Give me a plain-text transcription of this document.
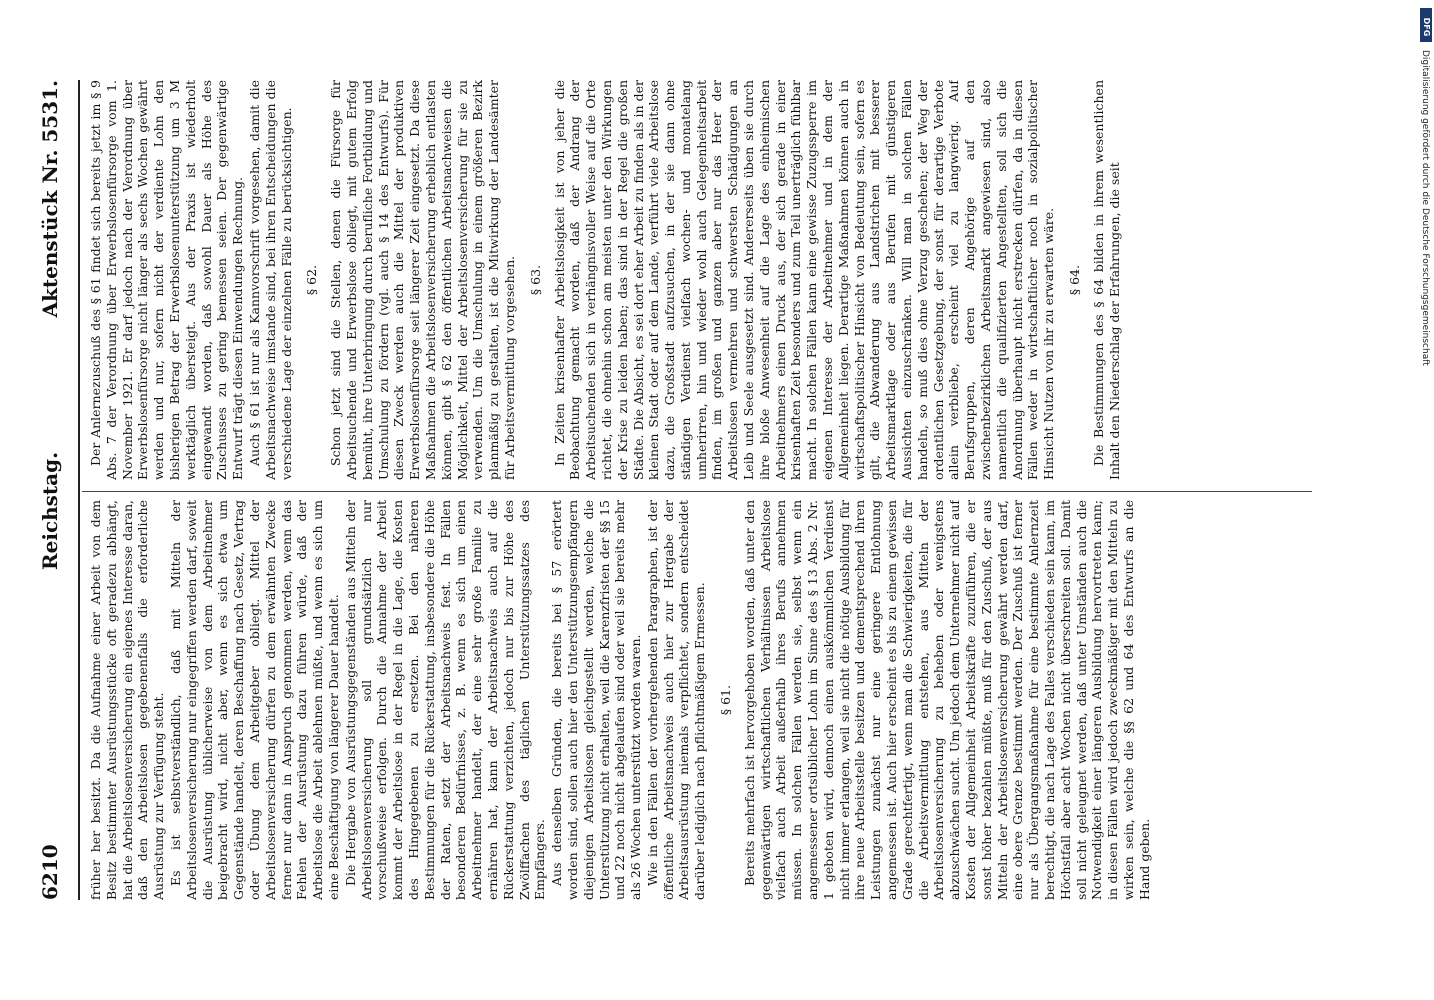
6210
Reichstag.
Aktenstück Nr. 5531.

früher her besitzt. Da die Aufnahme einer Arbeit von dem Besitz bestimmter Ausrüstungsstücke oft geradezu abhängt, hat die Arbeitslosenversicherung ein eigenes Interesse daran, daß den Arbeitslosen gegebenenfalls die erforderliche Ausrüstung zur Verfügung steht. Es ist selbstverständlich, daß mit Mitteln der Arbeitslosenversicherung nur eingegriffen werden darf, soweit die Ausrüstung üblicherweise von dem Arbeitnehmer beigebracht wird, nicht aber, wenn es sich etwa um Gegenstände handelt, deren Beschaffung nach Gesetz, Vertrag oder Übung dem Arbeitgeber obliegt. Mittel der Arbeitslosenversicherung dürfen zu dem erwähnten Zwecke ferner nur dann in Anspruch genommen werden, wenn das Fehlen der Ausrüstung dazu führen würde, daß der Arbeitslose die Arbeit ablehnen müßte, und wenn es sich um eine Beschäftigung von längerer Dauer handelt. Die Hergabe von Ausrüstungsgegenständen aus Mitteln der Arbeitslosenversicherung soll grundsätzlich nur vorschußweise erfolgen. Durch die Annahme der Arbeit kommt der Arbeitslose in der Regel in die Lage, die Kosten des Hingegebenen zu ersetzen. Bei den näheren Bestimmungen für die Rückerstattung, insbesondere die Höhe der Raten, setzt der Arbeitsnachweis fest. In Fällen besonderen Bedürfnisses, z. B. wenn es sich um einen Arbeitnehmer handelt, der eine sehr große Familie zu ernähren hat, kann der Arbeitsnachweis auch auf die Rückerstattung verzichten, jedoch nur bis zur Höhe des Zwölffachen des täglichen Unterstützungssatzes des Empfängers. Aus denselben Gründen, die bereits bei § 57 erörtert worden sind, sollen auch hier den Unterstützungsempfängern diejenigen Arbeitslosen gleichgestellt werden, welche die Unterstützung nicht erhalten, weil die Karenzfristen der §§ 15 und 22 noch nicht abgelaufen sind oder weil sie bereits mehr als 26 Wochen unterstützt worden waren. Wie in den Fällen der vorhergehenden Paragraphen, ist der öffentliche Arbeitsnachweis auch hier zur Hergabe der Arbeitsausrüstung niemals verpflichtet, sondern entscheidet darüber lediglich nach pflichtmäßigem Ermessen. § 61. Bereits mehrfach ist hervorgehoben worden, daß unter den gegenwärtigen wirtschaftlichen Verhältnissen Arbeitslose vielfach auch Arbeit außerhalb ihres Berufs annehmen müssen. In solchen Fällen werden sie, selbst wenn ein angemessener ortsüblicher Lohn im Sinne des § 13 Abs. 2 Nr. 1 geboten wird, dennoch einen auskömmlichen Verdienst nicht immer erlangen, weil sie nicht die nötige Ausbildung für ihre neue Arbeitsstelle besitzen und dementsprechend ihren Leistungen zunächst nur eine geringere Entlohnung angemessen ist. Auch hier erscheint es bis zu einem gewissen Grade gerechtfertigt, wenn man die Schwierigkeiten, die für die Arbeitsvermittlung entstehen, aus Mitteln der Arbeitslosenversicherung zu beheben oder wenigstens abzuschwächen sucht. Um jedoch dem Unternehmer nicht auf Kosten der Allgemeinheit Arbeitskräfte zuzuführen, die er sonst höher bezahlen müßte, muß für den Zuschuß, der aus Mitteln der Arbeitslosenversicherung gewährt werden darf, eine obere Grenze bestimmt werden. Der Zuschuß ist ferner nur als Übergangsmaßnahme für eine bestimmte Anlernzeit berechtigt, die nach Lage des Falles verschieden sein kann, im Höchstfall aber acht Wochen nicht überschreiten soll. Damit soll nicht geleugnet werden, daß unter Umständen auch die Notwendigkeit einer längeren Ausbildung hervortreten kann; in diesen Fällen wird jedoch zweckmäßiger mit den Mitteln zu wirken sein, welche die §§ 62 und 64 des Entwurfs an die Hand geben.

Der Anlernezuschuß des § 61 findet sich bereits jetzt im § 9 Abs. 7 der Verordnung über Erwerbslosenfürsorge vom 1. November 1921. Er darf jedoch nach der Verordnung über Erwerbslosenfürsorge nicht länger als sechs Wochen gewährt werden und nur, sofern nicht der verdiente Lohn den bisherigen Betrag der Erwerbslosenunterstützung um 3 M werktäglich übersteigt. Aus der Praxis ist wiederholt eingewandt worden, daß sowohl Dauer als Höhe des Zuschusses zu gering bemessen seien. Der gegenwärtige Entwurf trägt diesen Einwendungen Rechnung. Auch § 61 ist nur als Kannvorschrift vorgesehen, damit die Arbeitsnachweise imstande sind, bei ihren Entscheidungen die verschiedene Lage der einzelnen Fälle zu berücksichtigen. § 62. Schon jetzt sind die Stellen, denen die Fürsorge für Arbeitsuchende und Erwerbslose obliegt, mit gutem Erfolg bemüht, ihre Unterbringung durch berufliche Fortbildung und Umschulung zu fördern (vgl. auch § 14 des Entwurfs). Für diesen Zweck werden auch die Mittel der produktiven Erwerbslosenfürsorge seit längerer Zeit eingesetzt. Da diese Maßnahmen die Arbeitslosenversicherung erheblich entlasten können, gibt § 62 den öffentlichen Arbeitsnachweisen die Möglichkeit, Mittel der Arbeitslosenversicherung für sie zu verwenden. Um die Umschulung in einem größeren Bezirk planmäßig zu gestalten, ist die Mitwirkung der Landesämter für Arbeitsvermittlung vorgesehen. § 63. In Zeiten krisenhafter Arbeitslosigkeit ist von jeher die Beobachtung gemacht worden, daß der Andrang der Arbeitsuchenden sich in verhängnisvoller Weise auf die Orte richtet, die ohnehin schon am meisten unter den Wirkungen der Krise zu leiden haben; das sind in der Regel die großen Städte. Die Absicht, es sei dort eher Arbeit zu finden als in der kleinen Stadt oder auf dem Lande, verführt viele Arbeitslose dazu, die Großstadt aufzusuchen, in der sie dann ohne ständigen Verdienst vielfach wochen- und monatelang umherirren, hin und wieder wohl auch Gelegenheitsarbeit finden, im großen und ganzen aber nur das Heer der Arbeitslosen vermehren und schwersten Schädigungen an Leib und Seele ausgesetzt sind. Andererseits üben sie durch ihre bloße Anwesenheit auf die Lage des einheimischen Arbeitnehmers einen Druck aus, der sich gerade in einer krisenhaften Zeit besonders und zum Teil unerträglich fühlbar macht. In solchen Fällen kann eine gewisse Zuzugssperre im eigenen Interesse der Arbeitnehmer und in dem der Allgemeinheit liegen. Derartige Maßnahmen können auch in wirtschaftspolitischer Hinsicht von Bedeutung sein, sofern es gilt, die Abwanderung aus Landstrichen mit besserer Arbeitsmarktlage oder aus Berufen mit günstigeren Aussichten einzuschränken. Will man in solchen Fällen handeln, so muß dies ohne Verzug geschehen; der Weg der ordentlichen Gesetzgebung, der sonst für derartige Verbote allein verbliebe, erscheint viel zu langwierig. Auf Berufsgruppen, deren Angehörige auf den zwischenbezirklichen Arbeitsmarkt angewiesen sind, also namentlich die qualifizierten Angestellten, soll sich die Anordnung überhaupt nicht erstrecken dürfen, da in diesen Fällen weder in wirtschaftlicher noch in sozialpolitischer Hinsicht Nutzen von ihr zu erwarten wäre. § 64. Die Bestimmungen des § 64 bilden in ihrem wesentlichen Inhalt den Niederschlag der Erfahrungen, die seit

DFG
Digitalisierung gefördert durch die Deutsche Forschungsgemeinschaft
